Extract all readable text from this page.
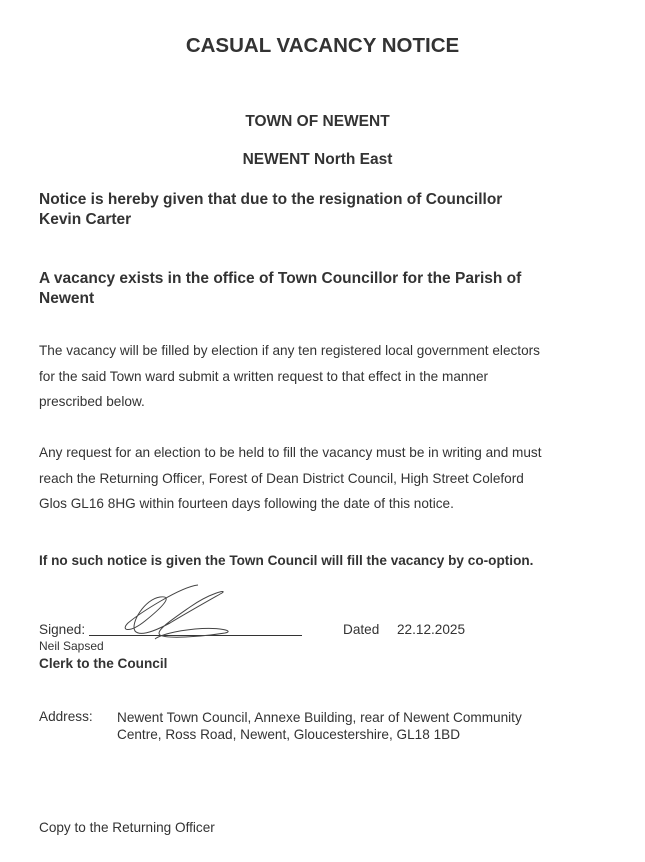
CASUAL VACANCY NOTICE
TOWN OF NEWENT
NEWENT North East
Notice is hereby given that due to the resignation of Councillor
Kevin Carter
A vacancy exists in the office of Town Councillor for the Parish of
Newent
The vacancy will be filled by election if any ten registered local government electors
for the said Town ward submit a written request to that effect in the manner
prescribed below.
Any request for an election to be held to fill the vacancy must be in writing and must
reach the Returning Officer, Forest of Dean District Council, High Street Coleford
Glos GL16 8HG within fourteen days following the date of this notice.
If no such notice is given the Town Council will fill the vacancy by co-option.
Signed:	Dated 22.12.2025
Neil Sapsed
Clerk to the Council
Address: Newent Town Council, Annexe Building, rear of Newent Community
Centre, Ross Road, Newent, Gloucestershire, GL18 1BD
Copy to the Returning Officer
